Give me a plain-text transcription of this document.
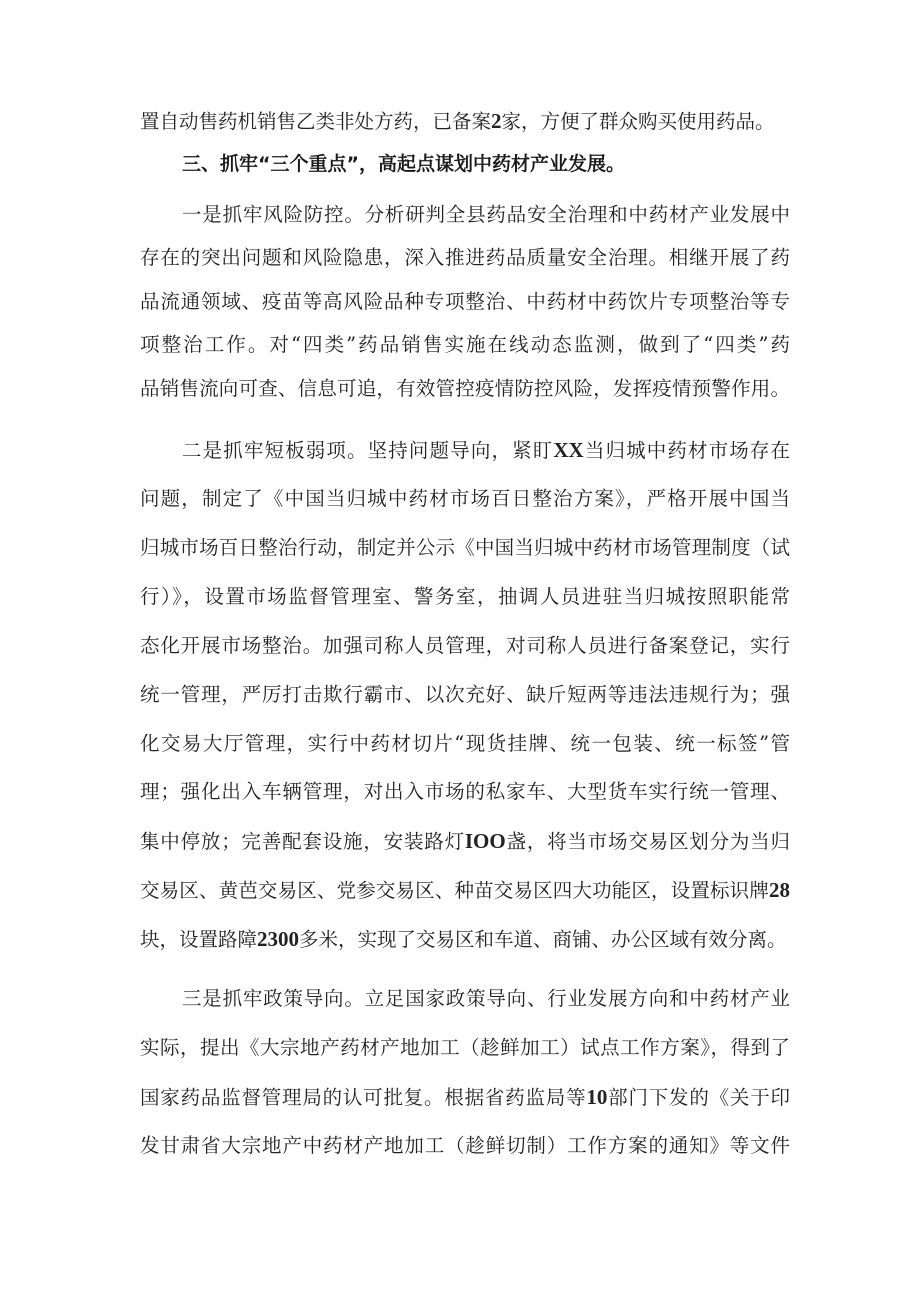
置自动售药机销售乙类非处方药，已备案2家，方便了群众购买使用药品。
三、抓牢“三个重点”，高起点谋划中药材产业发展。
一是抓牢风险防控。分析研判全县药品安全治理和中药材产业发展中
存在的突出问题和风险隐患，深入推进药品质量安全治理。相继开展了药
品流通领域、疫苗等高风险品种专项整治、中药材中药饮片专项整治等专
项整治工作。对“四类”药品销售实施在线动态监测，做到了“四类”药
品销售流向可查、信息可追，有效管控疫情防控风险，发挥疫情预警作用。
二是抓牢短板弱项。坚持问题导向，紧盯XX当归城中药材市场存在
问题，制定了《中国当归城中药材市场百日整治方案》，严格开展中国当
归城市场百日整治行动，制定并公示《中国当归城中药材市场管理制度（试
行）》，设置市场监督管理室、警务室，抽调人员进驻当归城按照职能常
态化开展市场整治。加强司称人员管理，对司称人员进行备案登记，实行
统一管理，严厉打击欺行霸市、以次充好、缺斤短两等违法违规行为；强
化交易大厅管理，实行中药材切片“现货挂牌、统一包装、统一标签”管
理；强化出入车辆管理，对出入市场的私家车、大型货车实行统一管理、
集中停放；完善配套设施，安装路灯IOO盏，将当市场交易区划分为当归
交易区、黄芭交易区、党参交易区、种苗交易区四大功能区，设置标识牌28
块，设置路障2300多米，实现了交易区和车道、商铺、办公区域有效分离。
三是抓牢政策导向。立足国家政策导向、行业发展方向和中药材产业
实际，提出《大宗地产药材产地加工（趁鲜加工）试点工作方案》，得到了
国家药品监督管理局的认可批复。根据省药监局等10部门下发的《关于印
发甘肃省大宗地产中药材产地加工（趁鲜切制）工作方案的通知》等文件
